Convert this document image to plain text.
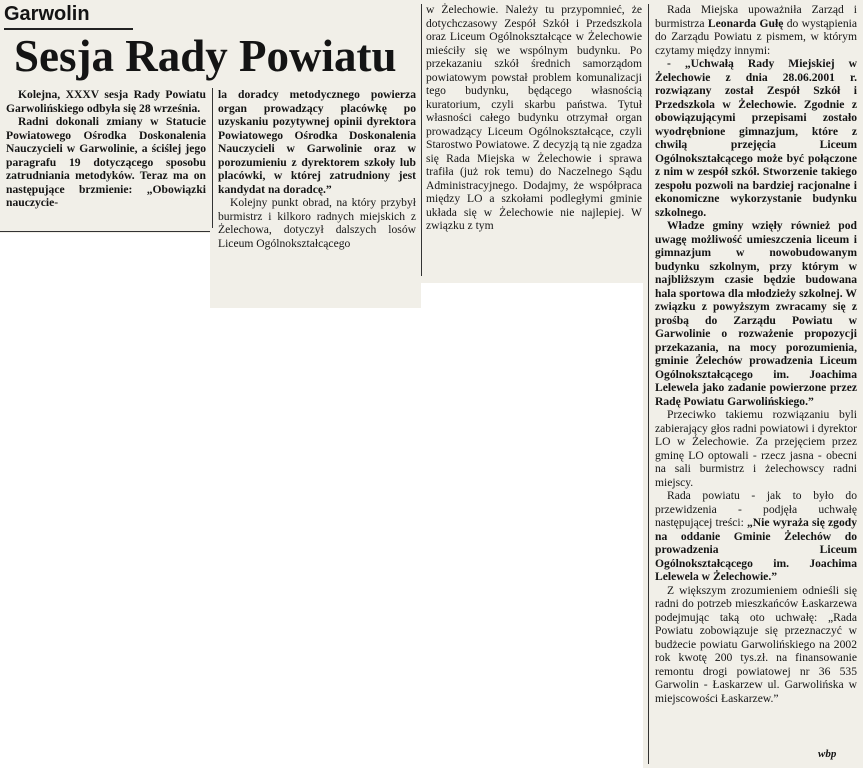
Garwolin
Sesja Rady Powiatu

Kolejna, XXXV sesja Rady Powiatu Garwolińskiego odbyła się 28 września.

Radni dokonali zmiany w Statucie Powiatowego Ośrodka Doskonalenia Nauczycieli w Garwolinie, a ściślej jego paragrafu 19 dotyczącego sposobu zatrudniania metodyków. Teraz ma on następujące brzmienie: „Obowiązki nauczycie-

la doradcy metodycznego powierza organ prowadzący placówkę po uzyskaniu pozytywnej opinii dyrektora Powiatowego Ośrodka Doskonalenia Nauczycieli w Garwolinie oraz w porozumieniu z dyrektorem szkoły lub placówki, w której zatrudniony jest kandydat na doradcę.”

Kolejny punkt obrad, na który przybył burmistrz i kilkoro radnych miejskich z Żelechowa, dotyczył dalszych losów Liceum Ogólnokształcącego

w Żelechowie. Należy tu przypomnieć, że dotychczasowy Zespół Szkół i Przedszkola oraz Liceum Ogólnokształcące w Żelechowie mieściły się we wspólnym budynku. Po przekazaniu szkół średnich samorządom powiatowym powstał problem komunalizacji tego budynku, będącego własnością kuratorium, czyli skarbu państwa. Tytuł własności całego budynku otrzymał organ prowadzący Liceum Ogólnokształcące, czyli Starostwo Powiatowe. Z decyzją tą nie zgadza się Rada Miejska w Żelechowie i sprawa trafiła (już rok temu) do Naczelnego Sądu Administracyjnego. Dodajmy, że współpraca między LO a szkołami podległymi gminie układa się w Żelechowie nie najlepiej. W związku z tym

Rada Miejska upoważniła Zarząd i burmistrza Leonarda Gułę do wystąpienia do Zarządu Powiatu z pismem, w którym czytamy między innymi:

- „Uchwałą Rady Miejskiej w Żelechowie z dnia 28.06.2001 r. rozwiązany został Zespół Szkół i Przedszkola w Żelechowie. Zgodnie z obowiązującymi przepisami zostało wyodrębnione gimnazjum, które z chwilą przejęcia Liceum Ogólnokształcącego może być połączone z nim w zespół szkół. Stworzenie takiego zespołu pozwoli na bardziej racjonalne i ekonomiczne wykorzystanie budynku szkolnego.

Władze gminy wzięły również pod uwagę możliwość umieszczenia liceum i gimnazjum w nowobudowanym budynku szkolnym, przy którym w najbliższym czasie będzie budowana hala sportowa dla młodzieży szkolnej. W związku z powyższym zwracamy się z prośbą do Zarządu Powiatu w Garwolinie o rozważenie propozycji przekazania, na mocy porozumienia, gminie Żelechów prowadzenia Liceum Ogólnokształcącego im. Joachima Lelewela jako zadanie powierzone przez Radę Powiatu Garwolińskiego.”

Przeciwko takiemu rozwiązaniu byli zabierający głos radni powiatowi i dyrektor LO w Żelechowie. Za przejęciem przez gminę LO optowali - rzecz jasna - obecni na sali burmistrz i żelechowscy radni miejscy.

Rada powiatu - jak to było do przewidzenia - podjęła uchwałę następującej treści: „Nie wyraża się zgody na oddanie Gminie Żelechów do prowadzenia Liceum Ogólnokształcącego im. Joachima Lelewela w Żelechowie.”

Z większym zrozumieniem odnieśli się radni do potrzeb mieszkańców Łaskarzewa podejmując taką oto uchwałę: „Rada Powiatu zobowiązuje się przeznaczyć w budżecie powiatu Garwolińskiego na 2002 rok kwotę 200 tys.zł. na finansowanie remontu drogi powiatowej nr 36 535 Garwolin - Łaskarzew ul. Garwolińska w miejscowości Łaskarzew.”

wbp
